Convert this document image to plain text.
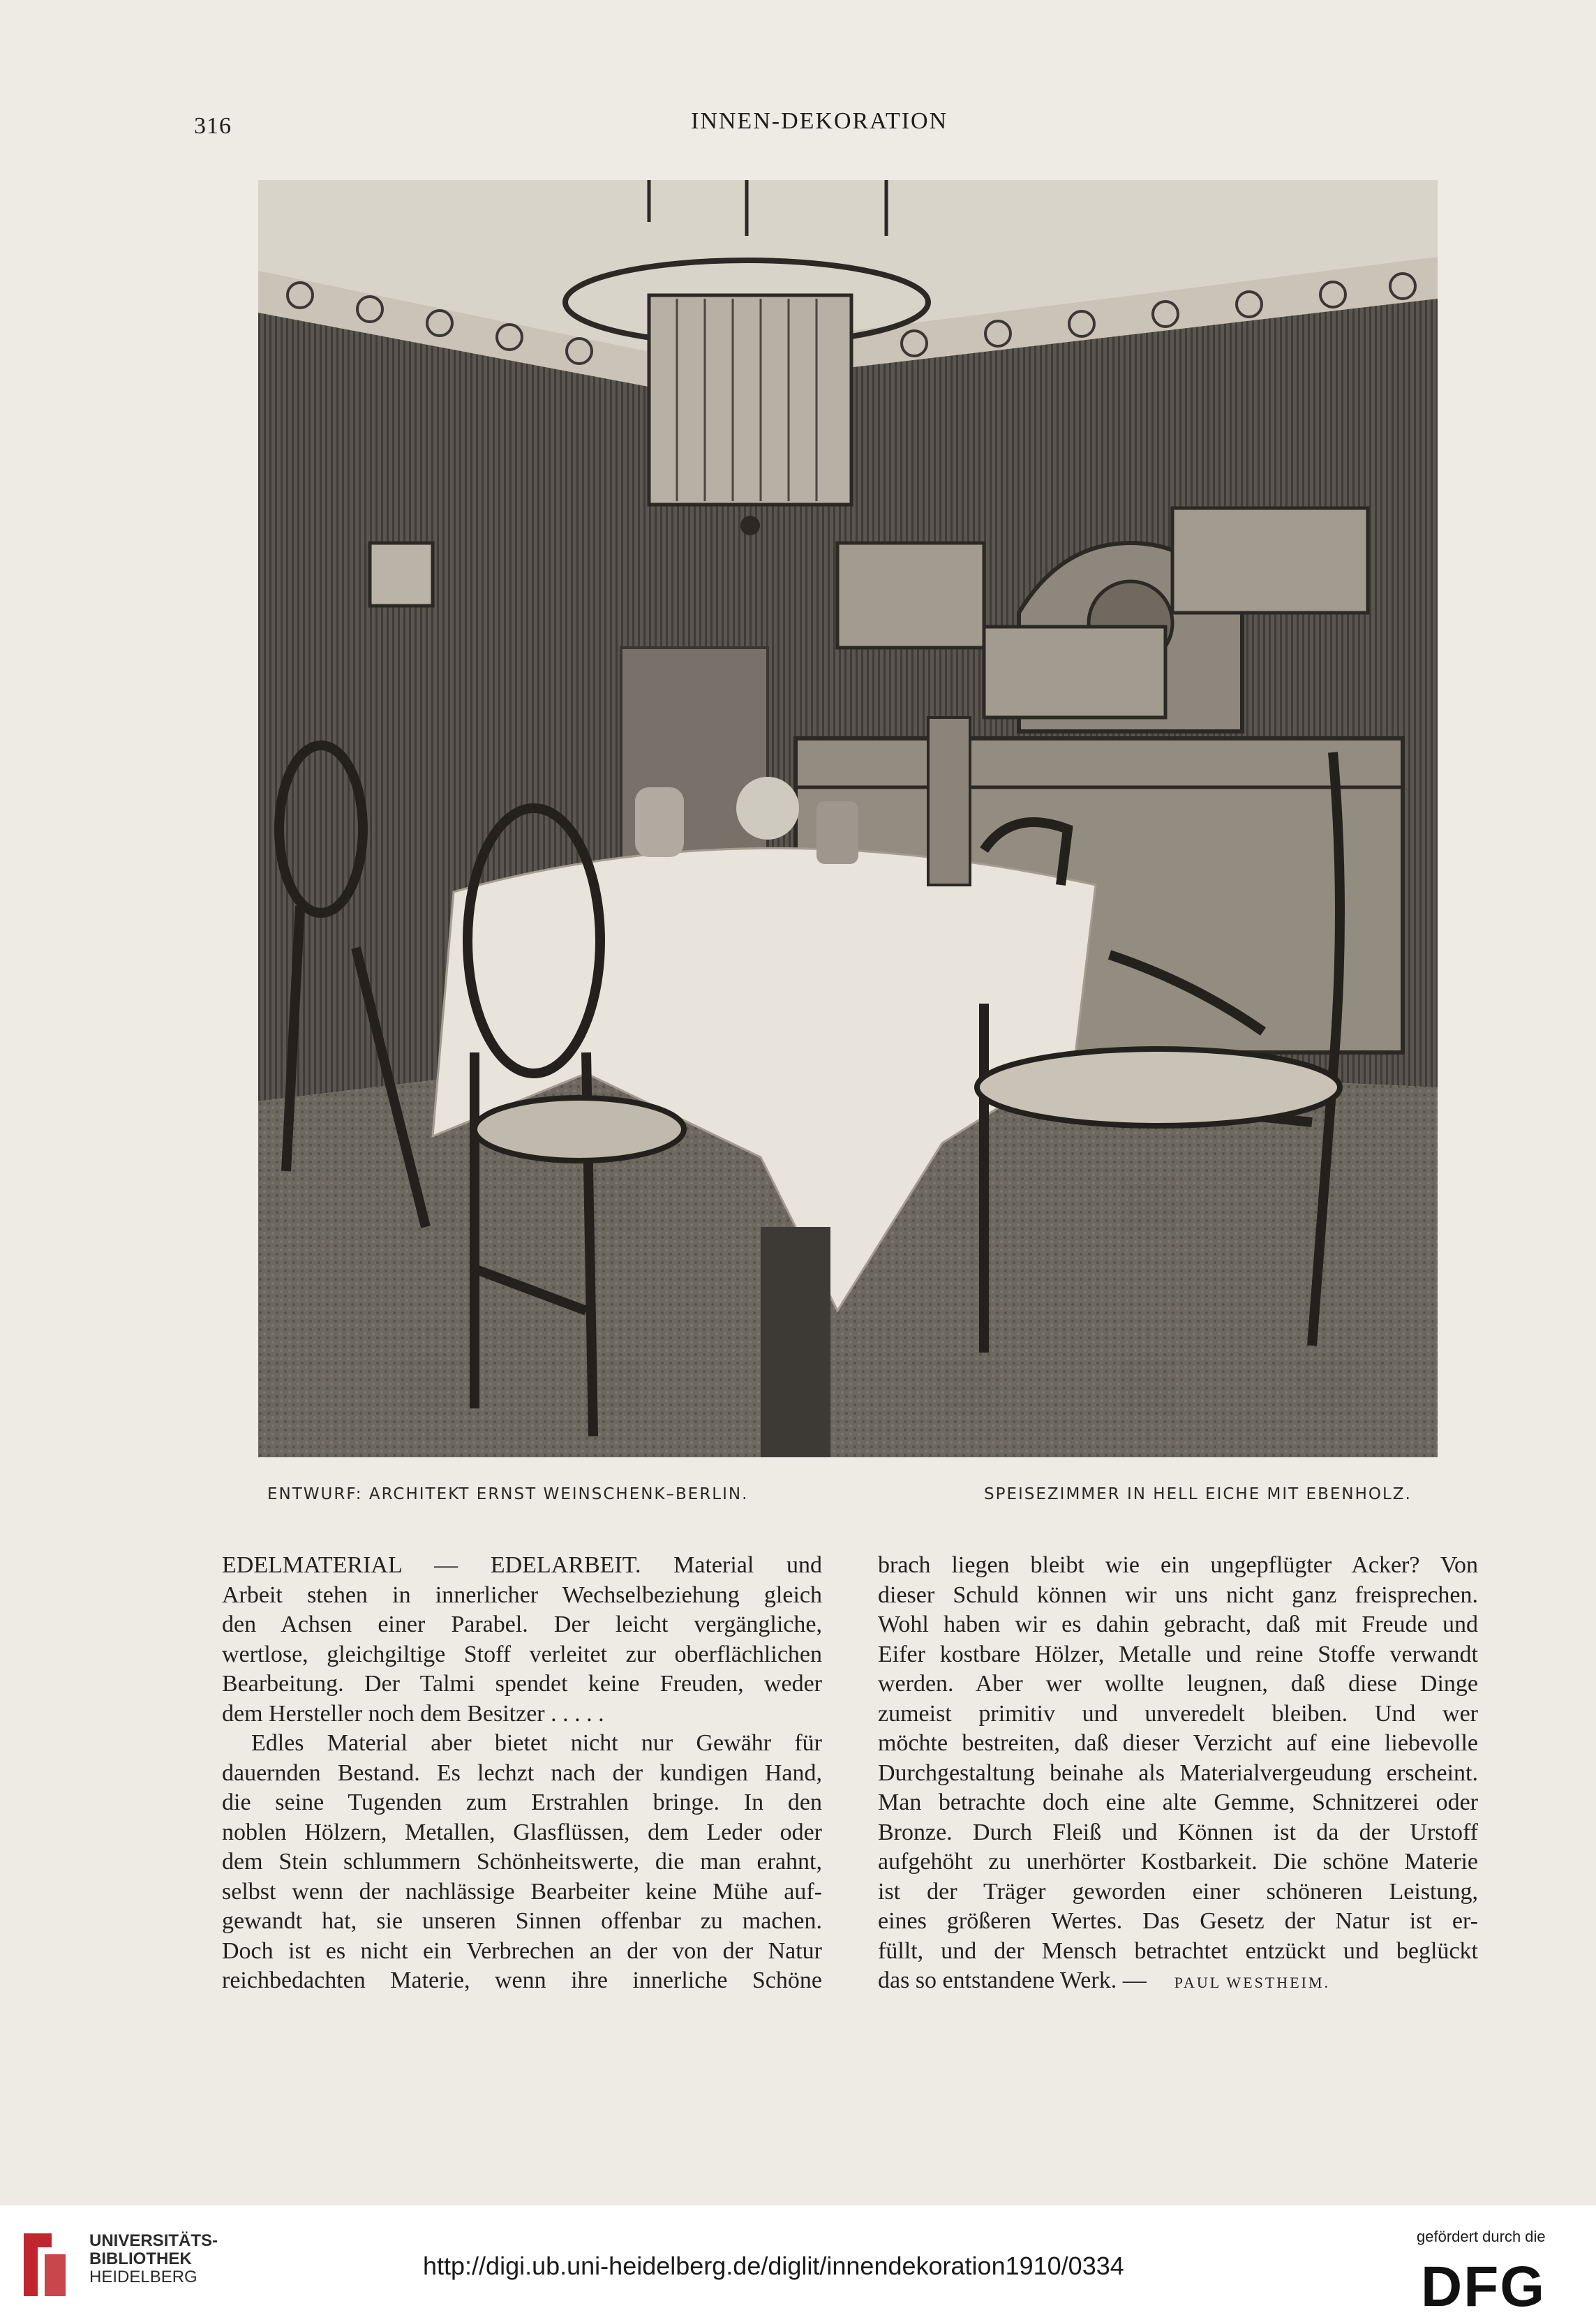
316	INNEN-DEKORATION
ENTWURF: ARCHITEKT ERNST WEINSCHENK–BERLIN.	SPEISEZIMMER IN HELL EICHE MIT EBENHOLZ.
EDELMATERIAL — EDELARBEIT. Material und
Arbeit stehen in innerlicher Wechselbeziehung gleich
den Achsen einer Parabel. Der leicht vergängliche,
wertlose, gleichgiltige Stoff verleitet zur oberflächlichen
Bearbeitung. Der Talmi spendet keine Freuden, weder
dem Hersteller noch dem Besitzer . . . . .
Edles Material aber bietet nicht nur Gewähr für
dauernden Bestand. Es lechzt nach der kundigen Hand,
die seine Tugenden zum Erstrahlen bringe. In den
noblen Hölzern, Metallen, Glasflüssen, dem Leder oder
dem Stein schlummern Schönheitswerte, die man erahnt,
selbst wenn der nachlässige Bearbeiter keine Mühe auf-
gewandt hat, sie unseren Sinnen offenbar zu machen.
Doch ist es nicht ein Verbrechen an der von der Natur
reichbedachten Materie, wenn ihre innerliche Schöne
brach liegen bleibt wie ein ungepflügter Acker? Von
dieser Schuld können wir uns nicht ganz freisprechen.
Wohl haben wir es dahin gebracht, daß mit Freude und
Eifer kostbare Hölzer, Metalle und reine Stoffe verwandt
werden. Aber wer wollte leugnen, daß diese Dinge
zumeist primitiv und unveredelt bleiben. Und wer
möchte bestreiten, daß dieser Verzicht auf eine liebevolle
Durchgestaltung beinahe als Materialvergeudung erscheint.
Man betrachte doch eine alte Gemme, Schnitzerei oder
Bronze. Durch Fleiß und Können ist da der Urstoff
aufgehöht zu unerhörter Kostbarkeit. Die schöne Materie
ist der Träger geworden einer schöneren Leistung,
eines größeren Wertes. Das Gesetz der Natur ist er-
füllt, und der Mensch betrachtet entzückt und beglückt
das so entstandene Werk. — PAUL WESTHEIM.
UNIVERSITÄTS-
BIBLIOTHEK
HEIDELBERG	http://digi.ub.uni-heidelberg.de/diglit/innendekoration1910/0334
gefördert durch die
DFG
